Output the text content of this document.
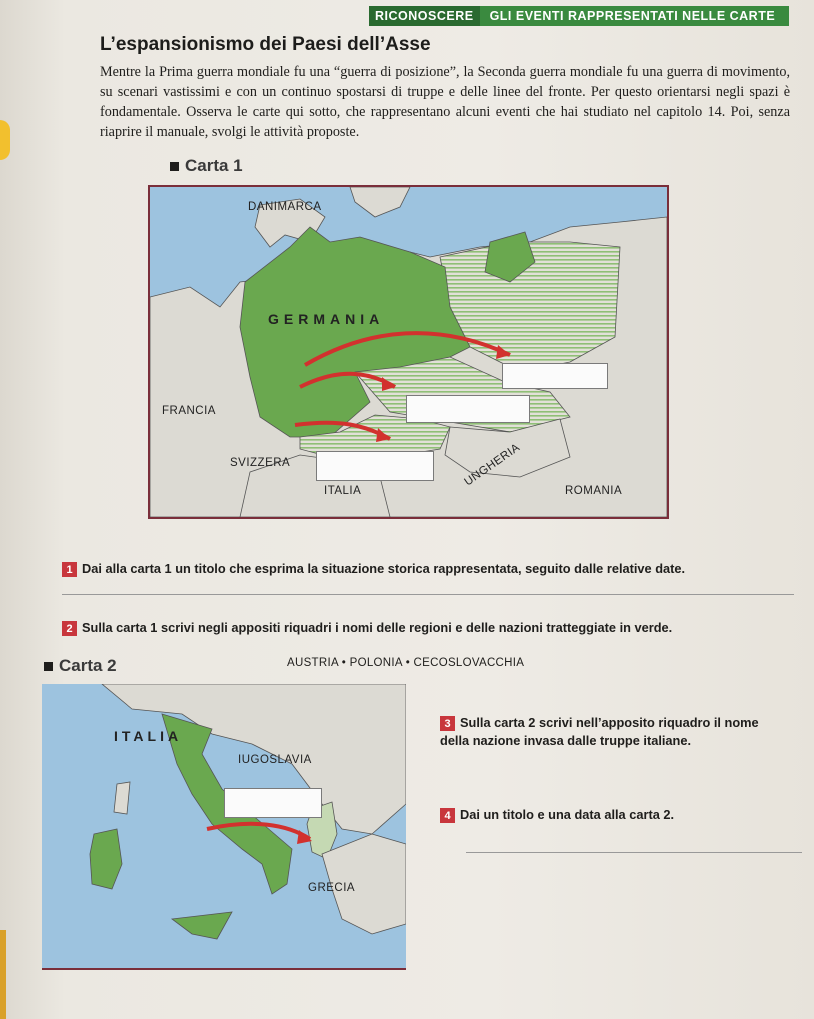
RICONOSCERE	GLI EVENTI RAPPRESENTATI NELLE CARTE
L’espansionismo dei Paesi dell’Asse
Mentre la Prima guerra mondiale fu una “guerra di posizione”, la Seconda guerra mondiale fu una guerra di movimento, su scenari vastissimi e con un continuo spostarsi di truppe e delle linee del fronte. Per questo orientarsi negli spazi è fondamentale. Osserva le carte qui sotto, che rappresentano alcuni eventi che hai studiato nel capitolo 14. Poi, senza riaprire il manuale, svolgi le attività proposte.
Carta 1
DANIMARCA
GERMANIA
FRANCIA
SVIZZERA
ITALIA
UNGHERIA
ROMANIA
1 Dai alla carta 1 un titolo che esprima la situazione storica rappresentata, seguito dalle relative date.
2 Sulla carta 1 scrivi negli appositi riquadri i nomi delle regioni e delle nazioni tratteggiate in verde.
Carta 2	AUSTRIA • POLONIA • CECOSLOVACCHIA
ITALIA
IUGOSLAVIA
GRECIA
3 Sulla carta 2 scrivi nell’apposito riquadro il nome della nazione invasa dalle truppe italiane.
4 Dai un titolo e una data alla carta 2.
